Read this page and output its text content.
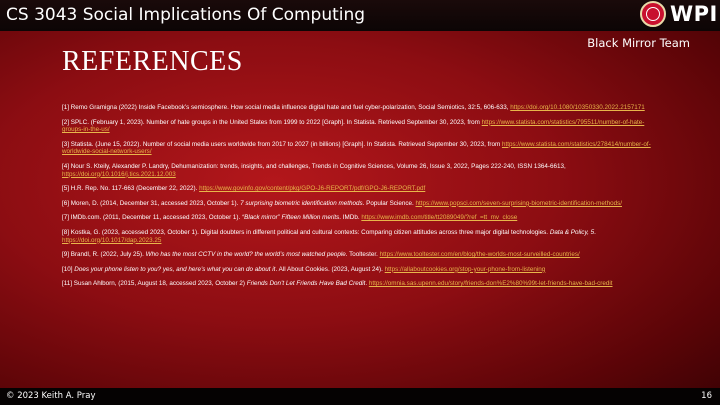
CS 3043 Social Implications Of Computing	WPI
Black Mirror Team
REFERENCES
[1] Remo Gramigna (2022) Inside Facebook’s semiosphere. How social media influence digital hate and fuel cyber-polarization, Social Semiotics, 32:5, 606-633, https://doi.org/10.1080/10350330.2022.2157171
[2] SPLC. (February 1, 2023). Number of hate groups in the United States from 1999 to 2022 [Graph]. In Statista. Retrieved September 30, 2023, from https://www.statista.com/statistics/795511/number-of-hate-groups-in-the-us/
[3] Statista. (June 15, 2022). Number of social media users worldwide from 2017 to 2027 (in billions) [Graph]. In Statista. Retrieved September 30, 2023, from https://www.statista.com/statistics/278414/number-of-worldwide-social-network-users/
[4] Nour S. Kteily, Alexander P. Landry, Dehumanization: trends, insights, and challenges, Trends in Cognitive Sciences, Volume 26, Issue 3, 2022, Pages 222-240, ISSN 1364-6613, https://doi.org/10.1016/j.tics.2021.12.003
[5] H.R. Rep. No. 117-663 (December 22, 2022). https://www.govinfo.gov/content/pkg/GPO-J6-REPORT/pdf/GPO-J6-REPORT.pdf
[6] Moren, D. (2014, December 31, accessed 2023, October 1). 7 surprising biometric identification methods. Popular Science. https://www.popsci.com/seven-surprising-biometric-identification-methods/
[7] IMDb.com. (2011, December 11, accessed 2023, October 1). “Black mirror” Fifteen Million merits. IMDb. https://www.imdb.com/title/tt2089049/?ref_=tt_mv_close
[8] Kostka, G. (2023, accessed 2023, October 1). Digital doubters in different political and cultural contexts: Comparing citizen attitudes across three major digital technologies. Data & Policy, 5. https://doi.org/10.1017/dap.2023.25
[9] Brandl, R. (2022, July 25). Who has the most CCTV in the world? the world’s most watched people. Tooltester. https://www.tooltester.com/en/blog/the-worlds-most-surveilled-countries/
[10] Does your phone listen to you? yes, and here’s what you can do about it. All About Cookies. (2023, August 24). https://allaboutcookies.org/stop-your-phone-from-listening
[11] Susan Ahlborn, (2015, August 18, accessed 2023, October 2) Friends Don’t Let Friends Have Bad Credit. https://omnia.sas.upenn.edu/story/friends-don%E2%80%99t-let-friends-have-bad-credit
© 2023 Keith A. Pray	16
